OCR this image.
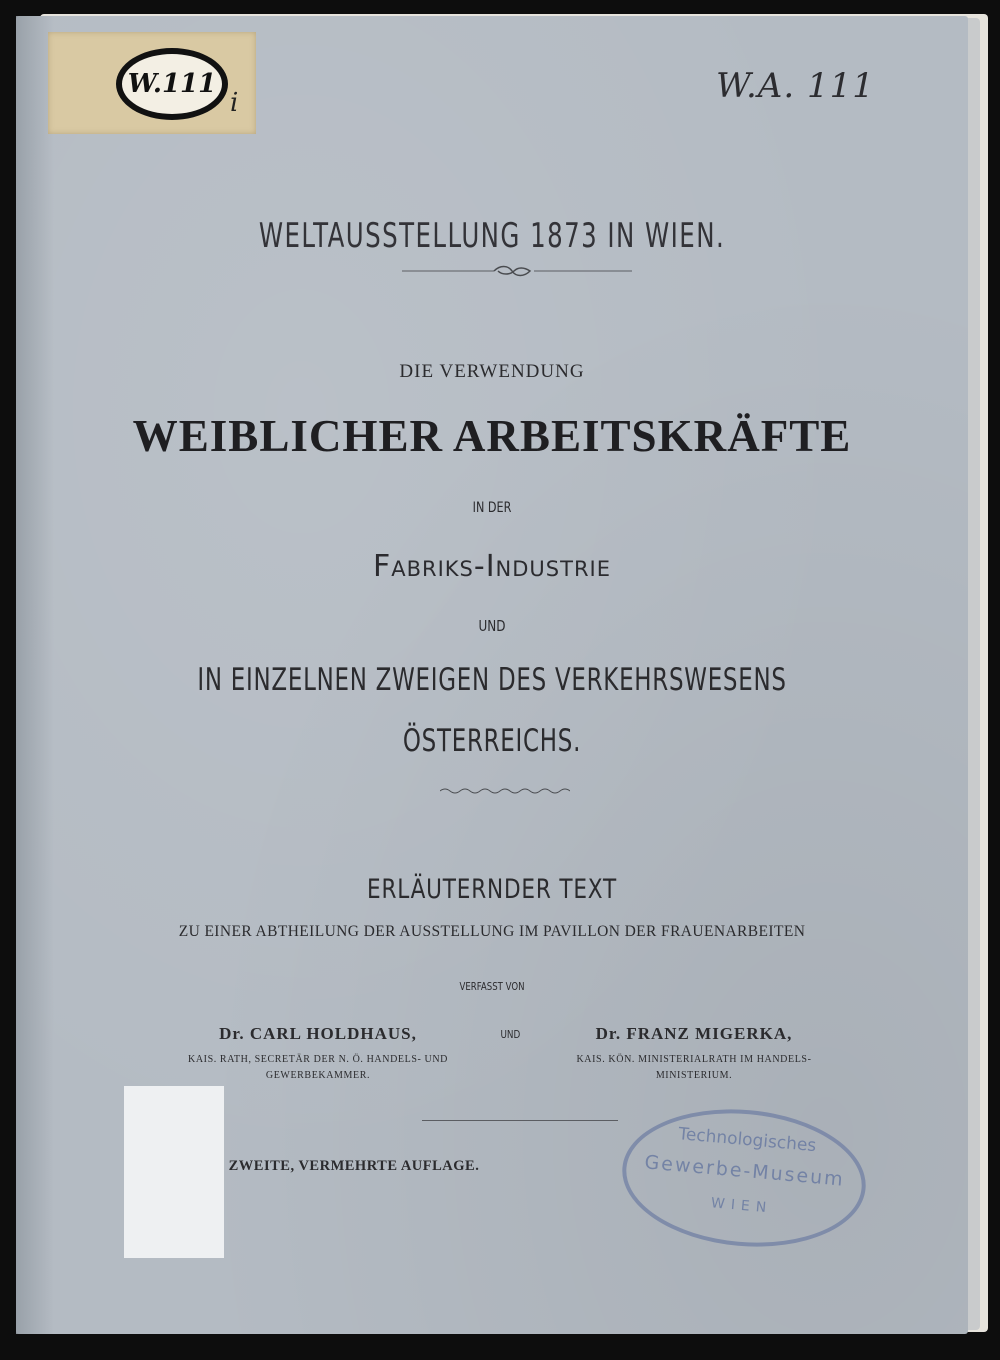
W.111
i	W.A. 111
WELTAUSSTELLUNG 1873 IN WIEN.
DIE VERWENDUNG
WEIBLICHER ARBEITSKRÄFTE
IN DER
Fabriks-Industrie
UND
IN EINZELNEN ZWEIGEN DES VERKEHRSWESENS
ÖSTERREICHS.
ERLÄUTERNDER TEXT
ZU EINER ABTHEILUNG DER AUSSTELLUNG IM PAVILLON DER FRAUENARBEITEN
VERFASST VON
Dr. CARL HOLDHAUS,
KAIS. RATH, SECRETÄR DER N. Ö. HANDELS- UND
GEWERBEKAMMER.
UND	Dr. FRANZ MIGERKA,
KAIS. KÖN. MINISTERIALRATH IM HANDELS-
MINISTERIUM.
ZWEITE, VERMEHRTE AUFLAGE.
Technologisches
Gewerbe-Museum
WIEN
